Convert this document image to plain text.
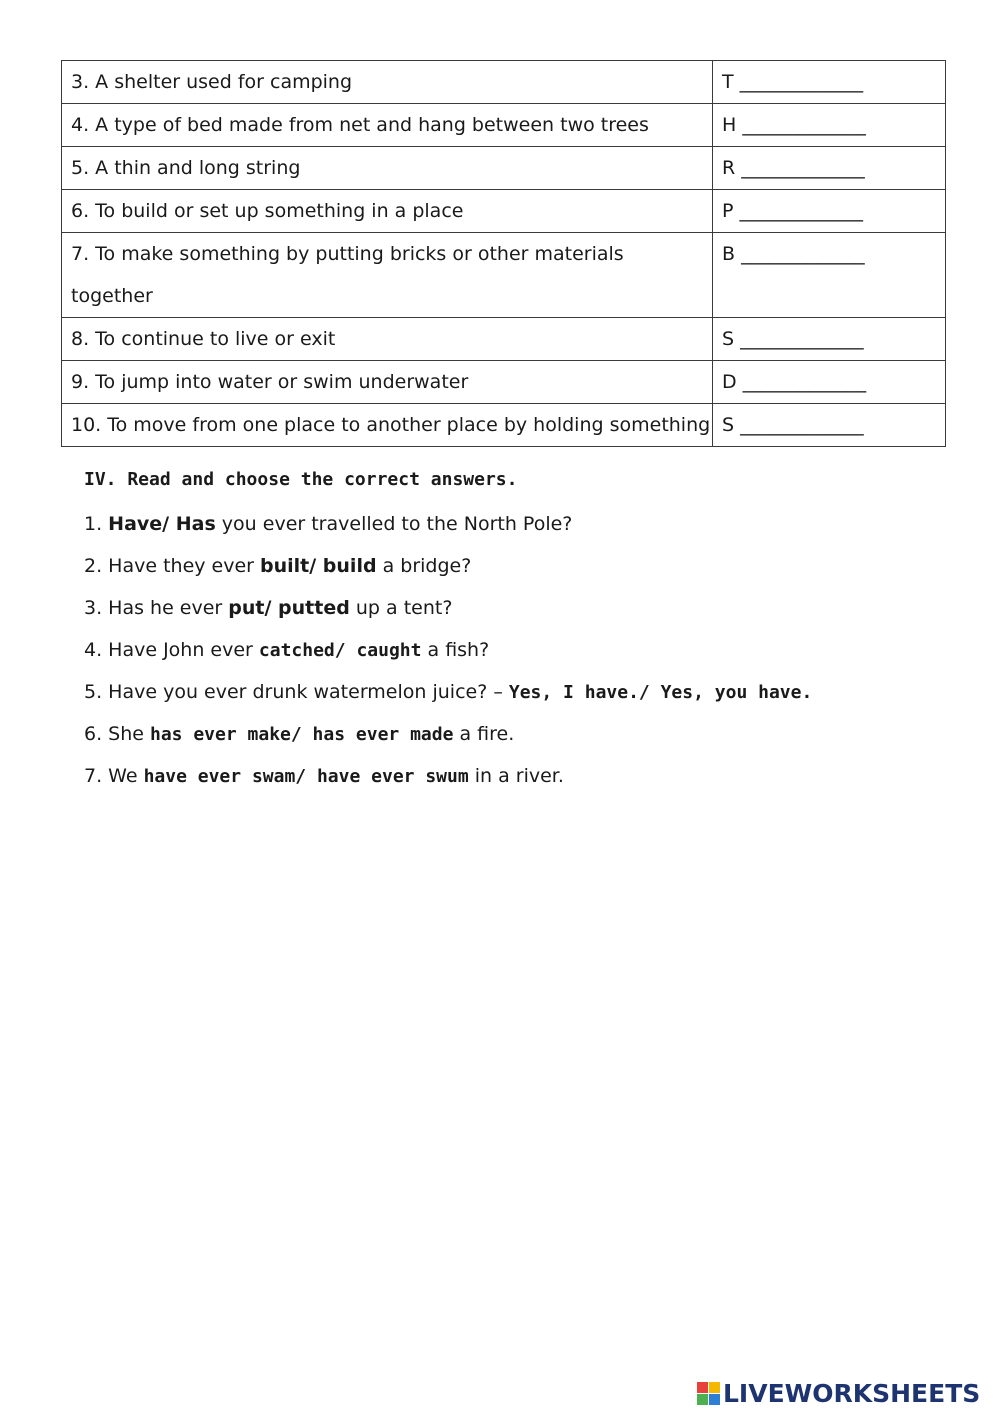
3. A shelter used for camping	T _____________
4. A type of bed made from net and hang between two trees	H _____________
5. A thin and long string	R _____________
6. To build or set up something in a place	P _____________
7. To make something by putting bricks or other materials together	B _____________
8. To continue to live or exit	S _____________
9. To jump into water or swim underwater	D _____________
10. To move from one place to another place by holding something	S _____________

IV. Read and choose the correct answers.

1. Have/ Has you ever travelled to the North Pole?
2. Have they ever built/ build a bridge?
3. Has he ever put/ putted up a tent?
4. Have John ever catched/ caught a fish?
5. Have you ever drunk watermelon juice? – Yes, I have./ Yes, you have.
6. She has ever make/ has ever made a fire.
7. We have ever swam/ have ever swum in a river.
LIVEWORKSHEETS
